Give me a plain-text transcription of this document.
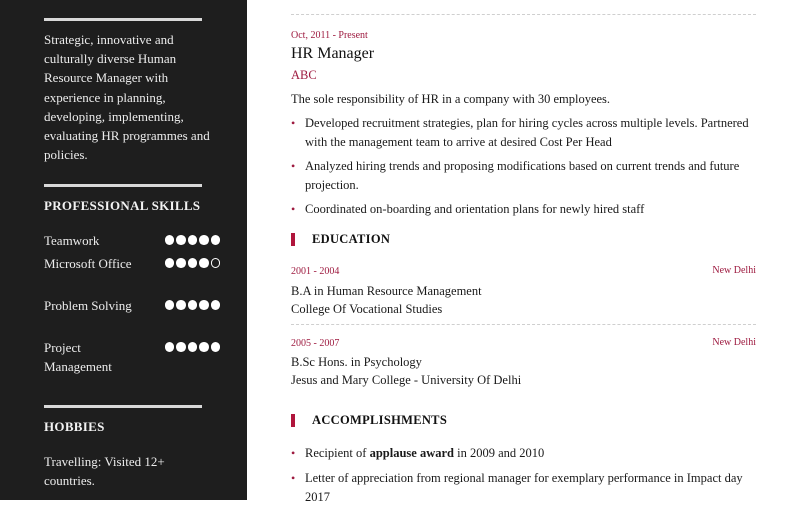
Strategic, innovative and culturally diverse Human Resource Manager with experience in planning, developing, implementing, evaluating HR programmes and policies.
PROFESSIONAL SKILLS
Teamwork
Microsoft Office
Problem Solving
Project Management
HOBBIES
Travelling: Visited 12+ countries.
Oct, 2011 - Present
HR Manager
ABC
The sole responsibility of HR in a company with 30 employees.
• Developed recruitment strategies, plan for hiring cycles across multiple levels. Partnered with the management team to arrive at desired Cost Per Head
• Analyzed hiring trends and proposing modifications based on current trends and future projection.
• Coordinated on-boarding and orientation plans for newly hired staff
EDUCATION
2001 - 2004	New Delhi
B.A in Human Resource Management
College Of Vocational Studies
2005 - 2007	New Delhi
B.Sc Hons. in Psychology
Jesus and Mary College - University Of Delhi
ACCOMPLISHMENTS
• Recipient of applause award in 2009 and 2010
• Letter of appreciation from regional manager for exemplary performance in Impact day 2017
